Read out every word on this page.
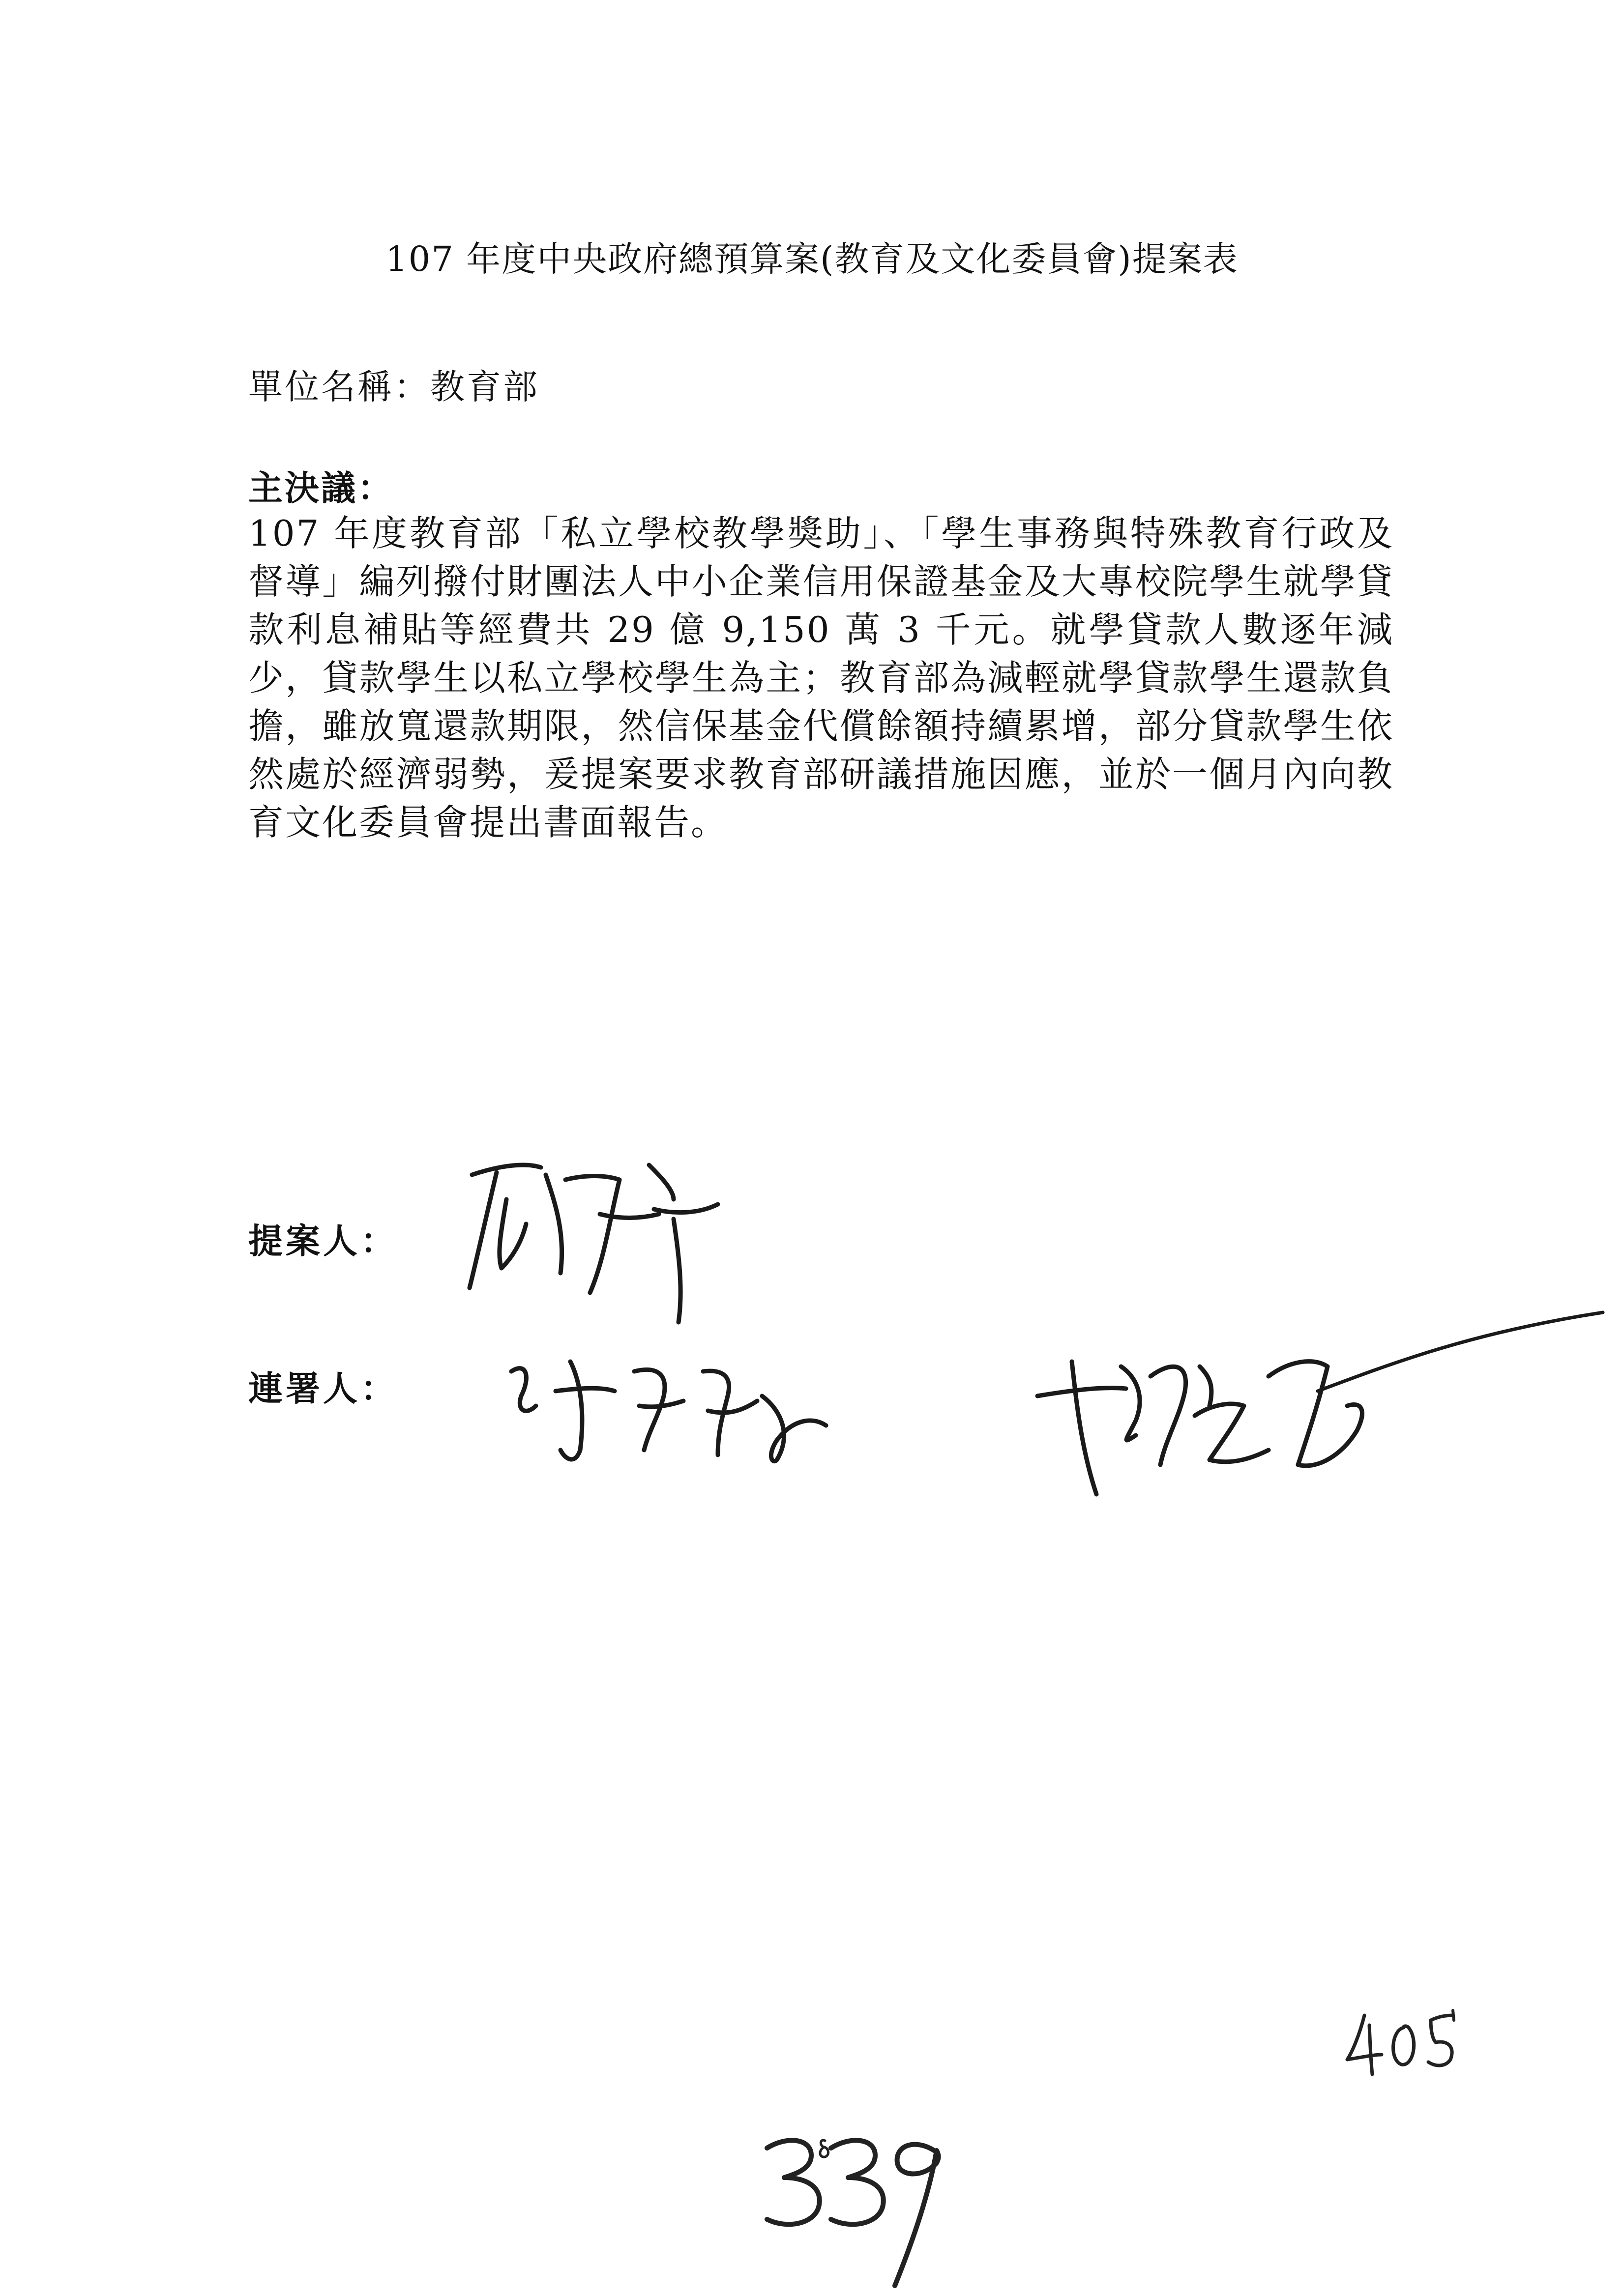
107 年度中央政府總預算案(教育及文化委員會)提案表
單位名稱：教育部
主決議：
107 年度教育部「私立學校教學獎助」、「學生事務與特殊教育行政及督導」編列撥付財團法人中小企業信用保證基金及大專校院學生就學貸款利息補貼等經費共 29 億 9,150 萬 3 千元。就學貸款人數逐年減少，貸款學生以私立學校學生為主；教育部為減輕就學貸款學生還款負擔，雖放寬還款期限，然信保基金代償餘額持續累增，部分貸款學生依然處於經濟弱勢，爰提案要求教育部研議措施因應，並於一個月內向教育文化委員會提出書面報告。
提案人：
連署人：
